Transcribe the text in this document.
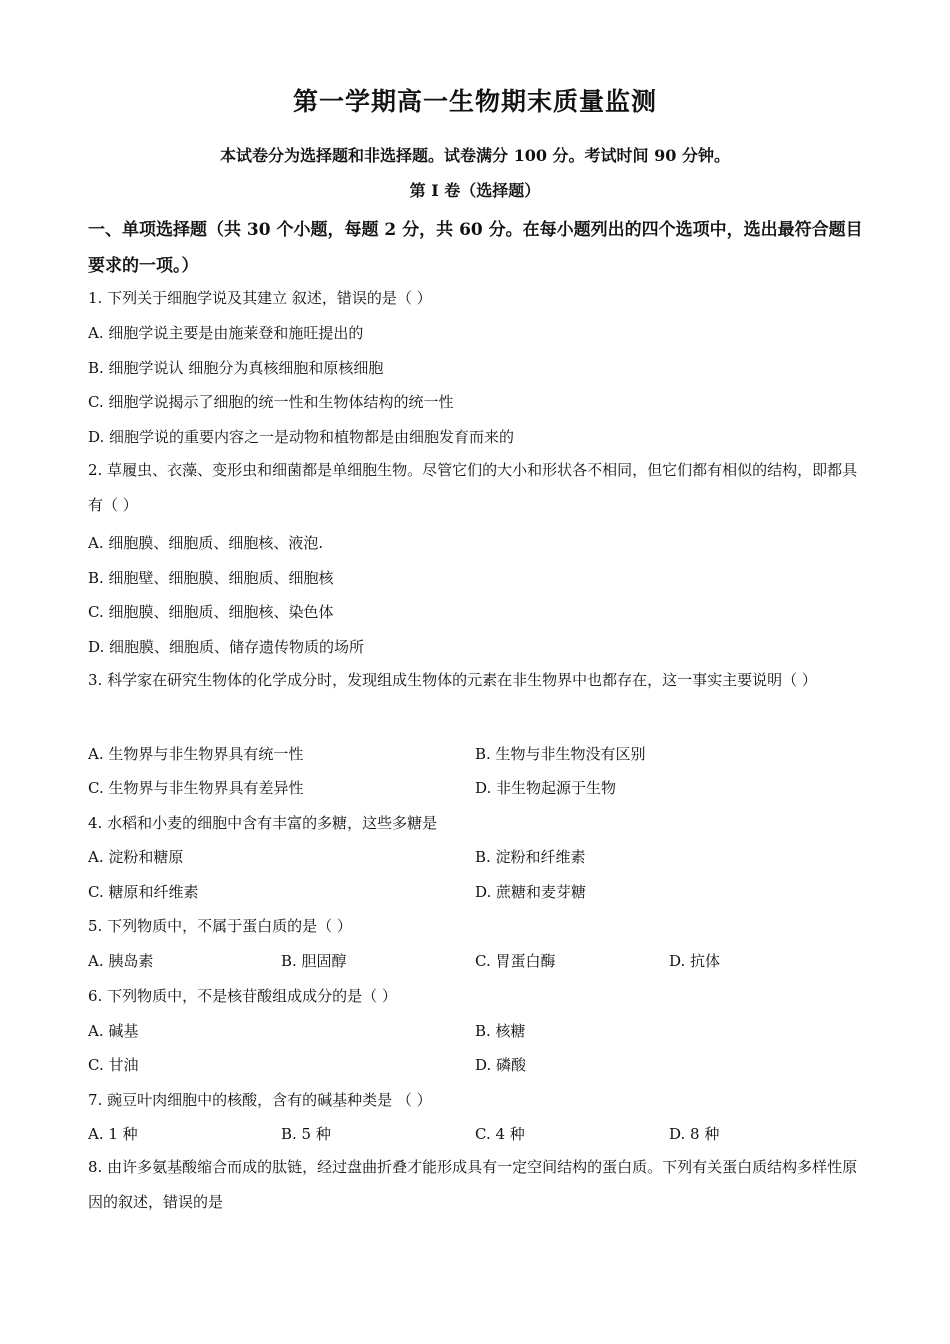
第一学期高一生物期末质量监测
本试卷分为选择题和非选择题。试卷满分 100 分。考试时间 90 分钟。
第 I 卷（选择题）
一、单项选择题（共 30 个小题，每题 2 分，共 60 分。在每小题列出的四个选项中，选出最符合题目要求的一项。）
1. 下列关于细胞学说及其建立 叙述，错误的是（ ）
A. 细胞学说主要是由施莱登和施旺提出的
B. 细胞学说认 细胞分为真核细胞和原核细胞
C. 细胞学说揭示了细胞的统一性和生物体结构的统一性
D. 细胞学说的重要内容之一是动物和植物都是由细胞发育而来的
2. 草履虫、衣藻、变形虫和细菌都是单细胞生物。尽管它们的大小和形状各不相同，但它们都有相似的结构，即都具有（ ）
A. 细胞膜、细胞质、细胞核、液泡.
B. 细胞壁、细胞膜、细胞质、细胞核
C. 细胞膜、细胞质、细胞核、染色体
D. 细胞膜、细胞质、储存遗传物质的场所
3. 科学家在研究生物体的化学成分时，发现组成生物体的元素在非生物界中也都存在，这一事实主要说明（ ）
A. 生物界与非生物界具有统一性	B. 生物与非生物没有区别
C. 生物界与非生物界具有差异性	D. 非生物起源于生物
4. 水稻和小麦的细胞中含有丰富的多糖，这些多糖是
A. 淀粉和糖原	B. 淀粉和纤维素
C. 糖原和纤维素	D. 蔗糖和麦芽糖
5. 下列物质中，不属于蛋白质的是（ ）
A. 胰岛素	B. 胆固醇	C. 胃蛋白酶	D. 抗体
6. 下列物质中，不是核苷酸组成成分的是（ ）
A. 碱基	B. 核糖
C. 甘油	D. 磷酸
7. 豌豆叶肉细胞中的核酸，含有的碱基种类是 （ ）
A. 1 种	B. 5 种	C. 4 种	D. 8 种
8. 由许多氨基酸缩合而成的肽链，经过盘曲折叠才能形成具有一定空间结构的蛋白质。下列有关蛋白质结构多样性原因的叙述，错误的是
